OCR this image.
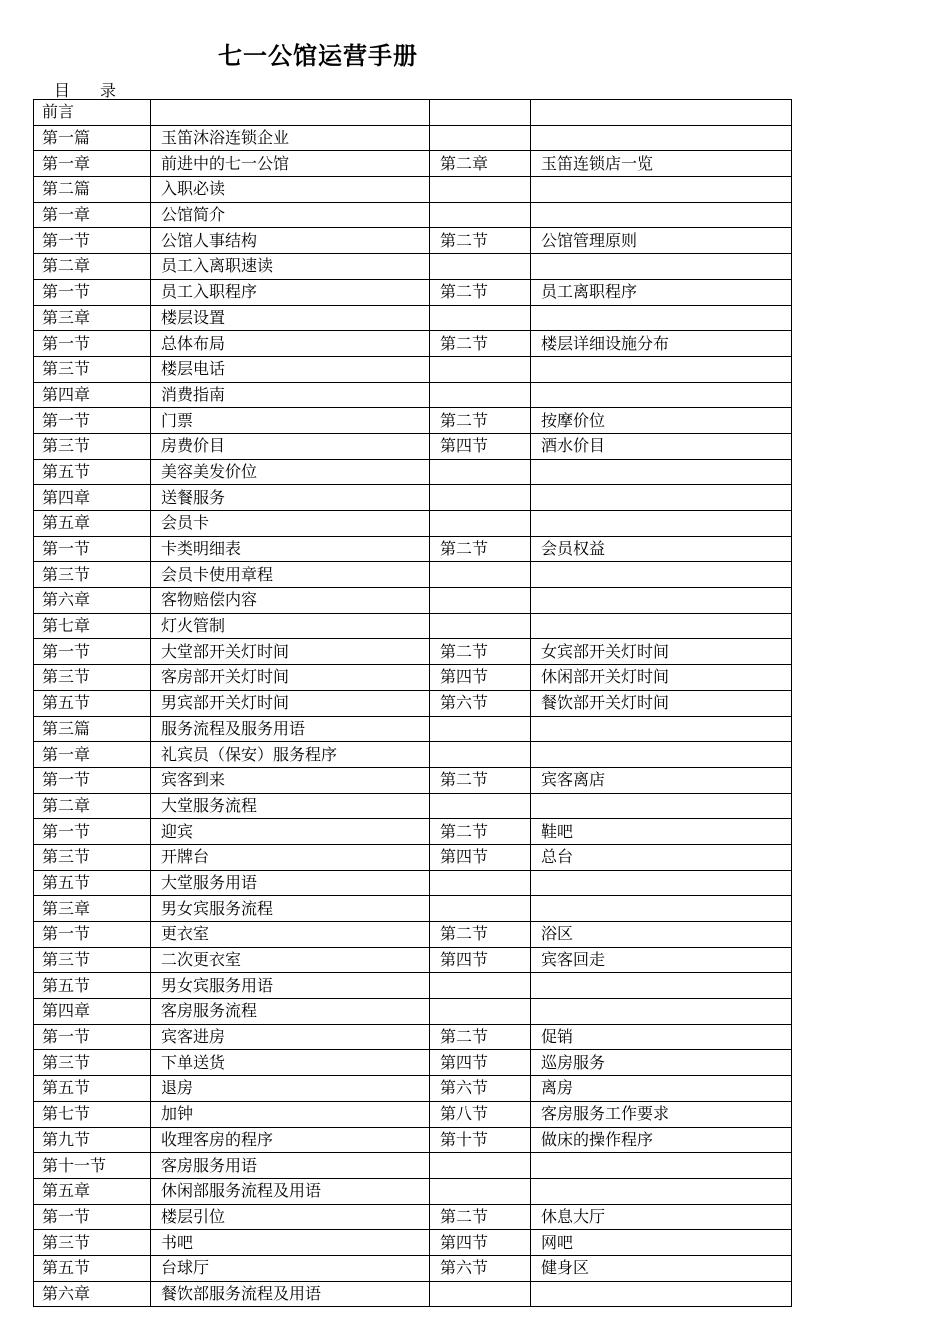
七一公馆运营手册
目录
前言			
第一篇	玉笛沐浴连锁企业		
第一章	前进中的七一公馆	第二章	玉笛连锁店一览
第二篇	入职必读		
第一章	公馆简介		
第一节	公馆人事结构	第二节	公馆管理原则
第二章	员工入离职速读		
第一节	员工入职程序	第二节	员工离职程序
第三章	楼层设置		
第一节	总体布局	第二节	楼层详细设施分布
第三节	楼层电话		
第四章	消费指南		
第一节	门票	第二节	按摩价位
第三节	房费价目	第四节	酒水价目
第五节	美容美发价位		
第四章	送餐服务		
第五章	会员卡		
第一节	卡类明细表	第二节	会员权益
第三节	会员卡使用章程		
第六章	客物赔偿内容		
第七章	灯火管制		
第一节	大堂部开关灯时间	第二节	女宾部开关灯时间
第三节	客房部开关灯时间	第四节	休闲部开关灯时间
第五节	男宾部开关灯时间	第六节	餐饮部开关灯时间
第三篇	服务流程及服务用语		
第一章	礼宾员（保安）服务程序		
第一节	宾客到来	第二节	宾客离店
第二章	大堂服务流程		
第一节	迎宾	第二节	鞋吧
第三节	开牌台	第四节	总台
第五节	大堂服务用语		
第三章	男女宾服务流程		
第一节	更衣室	第二节	浴区
第三节	二次更衣室	第四节	宾客回走
第五节	男女宾服务用语		
第四章	客房服务流程		
第一节	宾客进房	第二节	促销
第三节	下单送货	第四节	巡房服务
第五节	退房	第六节	离房
第七节	加钟	第八节	客房服务工作要求
第九节	收理客房的程序	第十节	做床的操作程序
第十一节	客房服务用语		
第五章	休闲部服务流程及用语		
第一节	楼层引位	第二节	休息大厅
第三节	书吧	第四节	网吧
第五节	台球厅	第六节	健身区
第六章	餐饮部服务流程及用语		
